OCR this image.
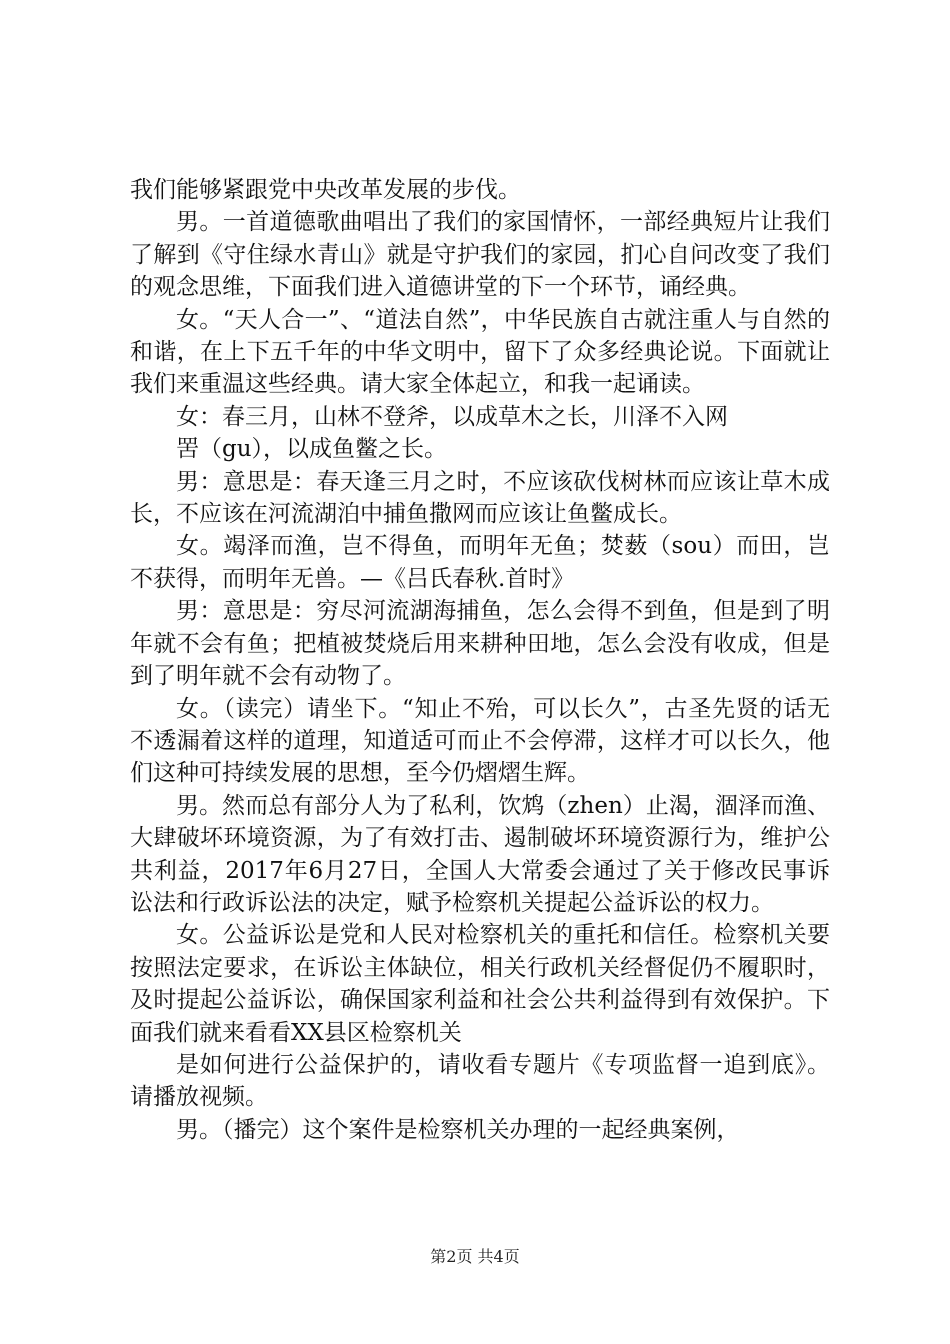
我们能够紧跟党中央改革发展的步伐。

男。一首道德歌曲唱出了我们的家国情怀，一部经典短片让我们了解到《守住绿水青山》就是守护我们的家园，扪心自问改变了我们的观念思维，下面我们进入道德讲堂的下一个环节，诵经典。

女。“天人合一”、“道法自然”，中华民族自古就注重人与自然的和谐，在上下五千年的中华文明中，留下了众多经典论说。下面就让我们来重温这些经典。请大家全体起立，和我一起诵读。

女：春三月，山林不登斧，以成草木之长，川泽不入网

罟（gu），以成鱼鳖之长。

男：意思是：春天逢三月之时，不应该砍伐树林而应该让草木成长，不应该在河流湖泊中捕鱼撒网而应该让鱼鳖成长。

女。竭泽而渔，岂不得鱼，而明年无鱼；焚薮（sou）而田，岂不获得，而明年无兽。—《吕氏春秋.首时》

男：意思是：穷尽河流湖海捕鱼，怎么会得不到鱼，但是到了明年就不会有鱼；把植被焚烧后用来耕种田地，怎么会没有收成，但是到了明年就不会有动物了。

女。（读完）请坐下。“知止不殆，可以长久”，古圣先贤的话无不透漏着这样的道理，知道适可而止不会停滞，这样才可以长久，他们这种可持续发展的思想，至今仍熠熠生辉。

男。然而总有部分人为了私利，饮鸩（zhen）止渴，涸泽而渔、大肆破坏环境资源，为了有效打击、遏制破坏环境资源行为，维护公共利益，2017年6月27日，全国人大常委会通过了关于修改民事诉讼法和行政诉讼法的决定，赋予检察机关提起公益诉讼的权力。

女。公益诉讼是党和人民对检察机关的重托和信任。检察机关要按照法定要求，在诉讼主体缺位，相关行政机关经督促仍不履职时，及时提起公益诉讼，确保国家利益和社会公共利益得到有效保护。下面我们就来看看XX县区检察机关

是如何进行公益保护的，请收看专题片《专项监督一追到底》。请播放视频。

男。（播完）这个案件是检察机关办理的一起经典案例，

第2页 共4页
